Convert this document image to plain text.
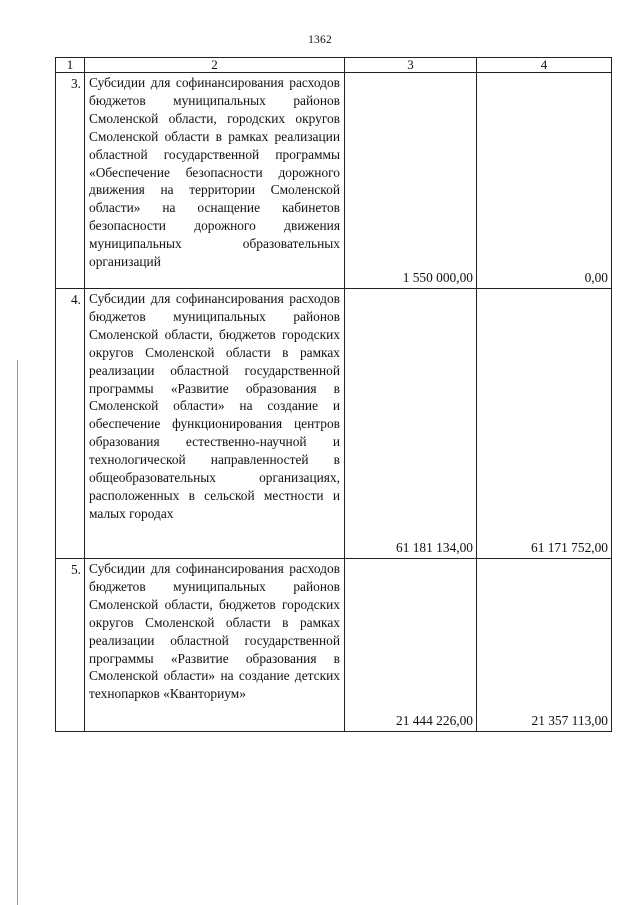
1362
1	2	3	4
3.	Субсидии для софинансирования расходов бюджетов муниципальных районов Смоленской области, городских округов Смоленской области в рамках реализации областной государственной программы «Обеспечение безопасности дорожного движения на территории Смоленской области» на оснащение кабинетов безопасности дорожного движения муниципальных образовательных организаций	1 550 000,00	0,00
4.	Субсидии для софинансирования расходов бюджетов муниципальных районов Смоленской области, бюджетов городских округов Смоленской области в рамках реализации областной государственной программы «Развитие образования в Смоленской области» на создание и обеспечение функционирования центров образования естественно-научной и технологической направленностей в общеобразовательных организациях, расположенных в сельской местности и малых городах	61 181 134,00	61 171 752,00
5.	Субсидии для софинансирования расходов бюджетов муниципальных районов Смоленской области, бюджетов городских округов Смоленской области в рамках реализации областной государственной программы «Развитие образования в Смоленской области» на создание детских технопарков «Кванториум»	21 444 226,00	21 357 113,00
